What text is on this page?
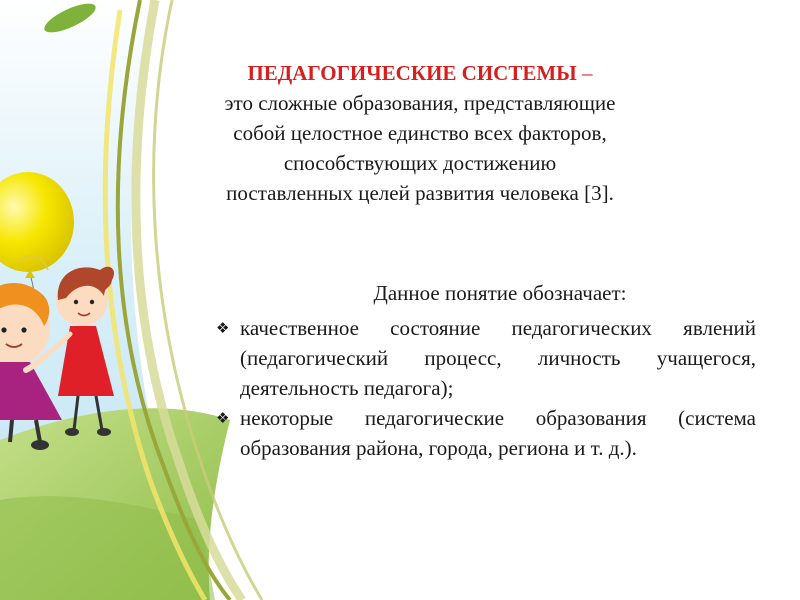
ПЕДАГОГИЧЕСКИЕ СИСТЕМЫ –
это сложные образования, представляющие
собой целостное единство всех факторов,
способствующих достижению
поставленных целей развития человека [3].
Данное понятие обозначает:
❖ качественное состояние педагогических явлений (педагогический процесс, личность учащегося, деятельность педагога);
❖ некоторые педагогические образования (система образования района, города, региона и т. д.).
